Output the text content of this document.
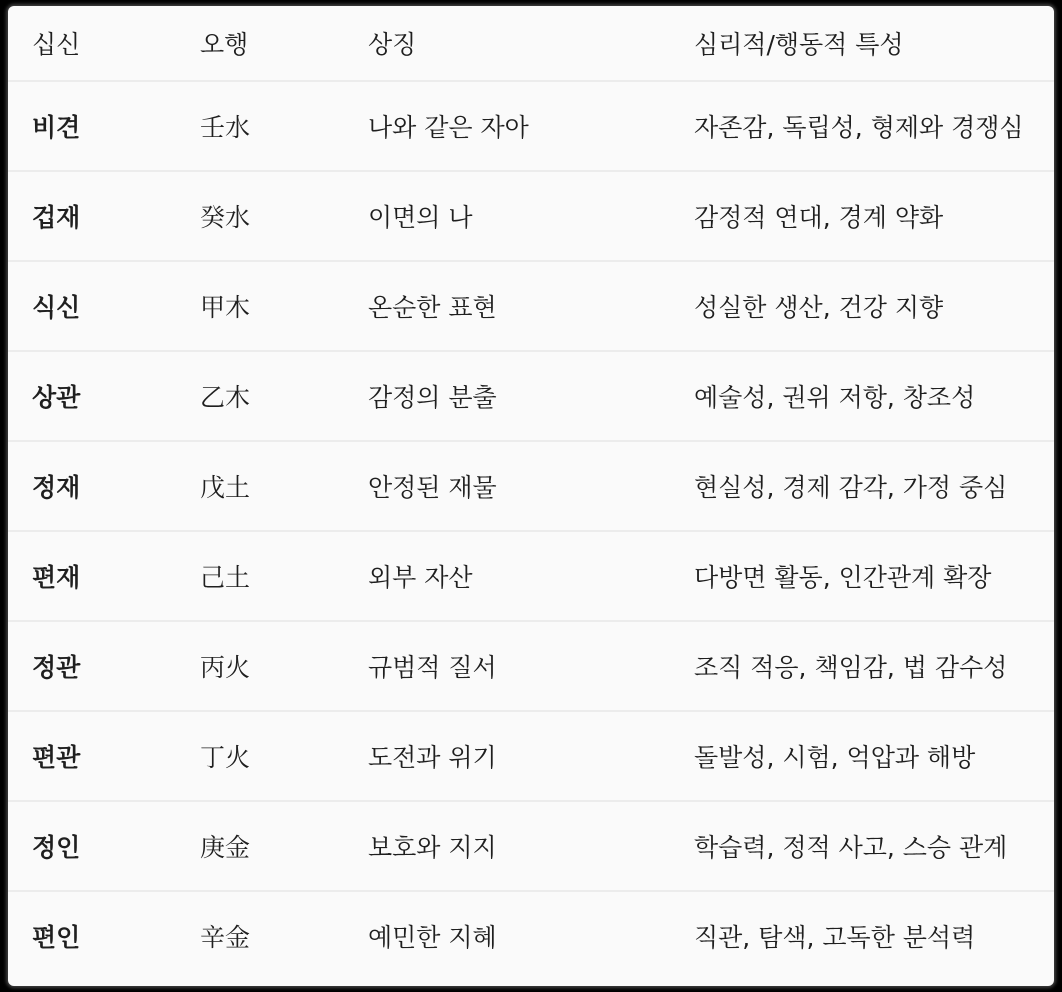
십신	오행	상징	심리적/행동적 특성
비견	壬水	나와 같은 자아	자존감, 독립성, 형제와 경쟁심
겁재	癸水	이면의 나	감정적 연대, 경계 약화
식신	甲木	온순한 표현	성실한 생산, 건강 지향
상관	乙木	감정의 분출	예술성, 권위 저항, 창조성
정재	戊土	안정된 재물	현실성, 경제 감각, 가정 중심
편재	己土	외부 자산	다방면 활동, 인간관계 확장
정관	丙火	규범적 질서	조직 적응, 책임감, 법 감수성
편관	丁火	도전과 위기	돌발성, 시험, 억압과 해방
정인	庚金	보호와 지지	학습력, 정적 사고, 스승 관계
편인	辛金	예민한 지혜	직관, 탐색, 고독한 분석력
